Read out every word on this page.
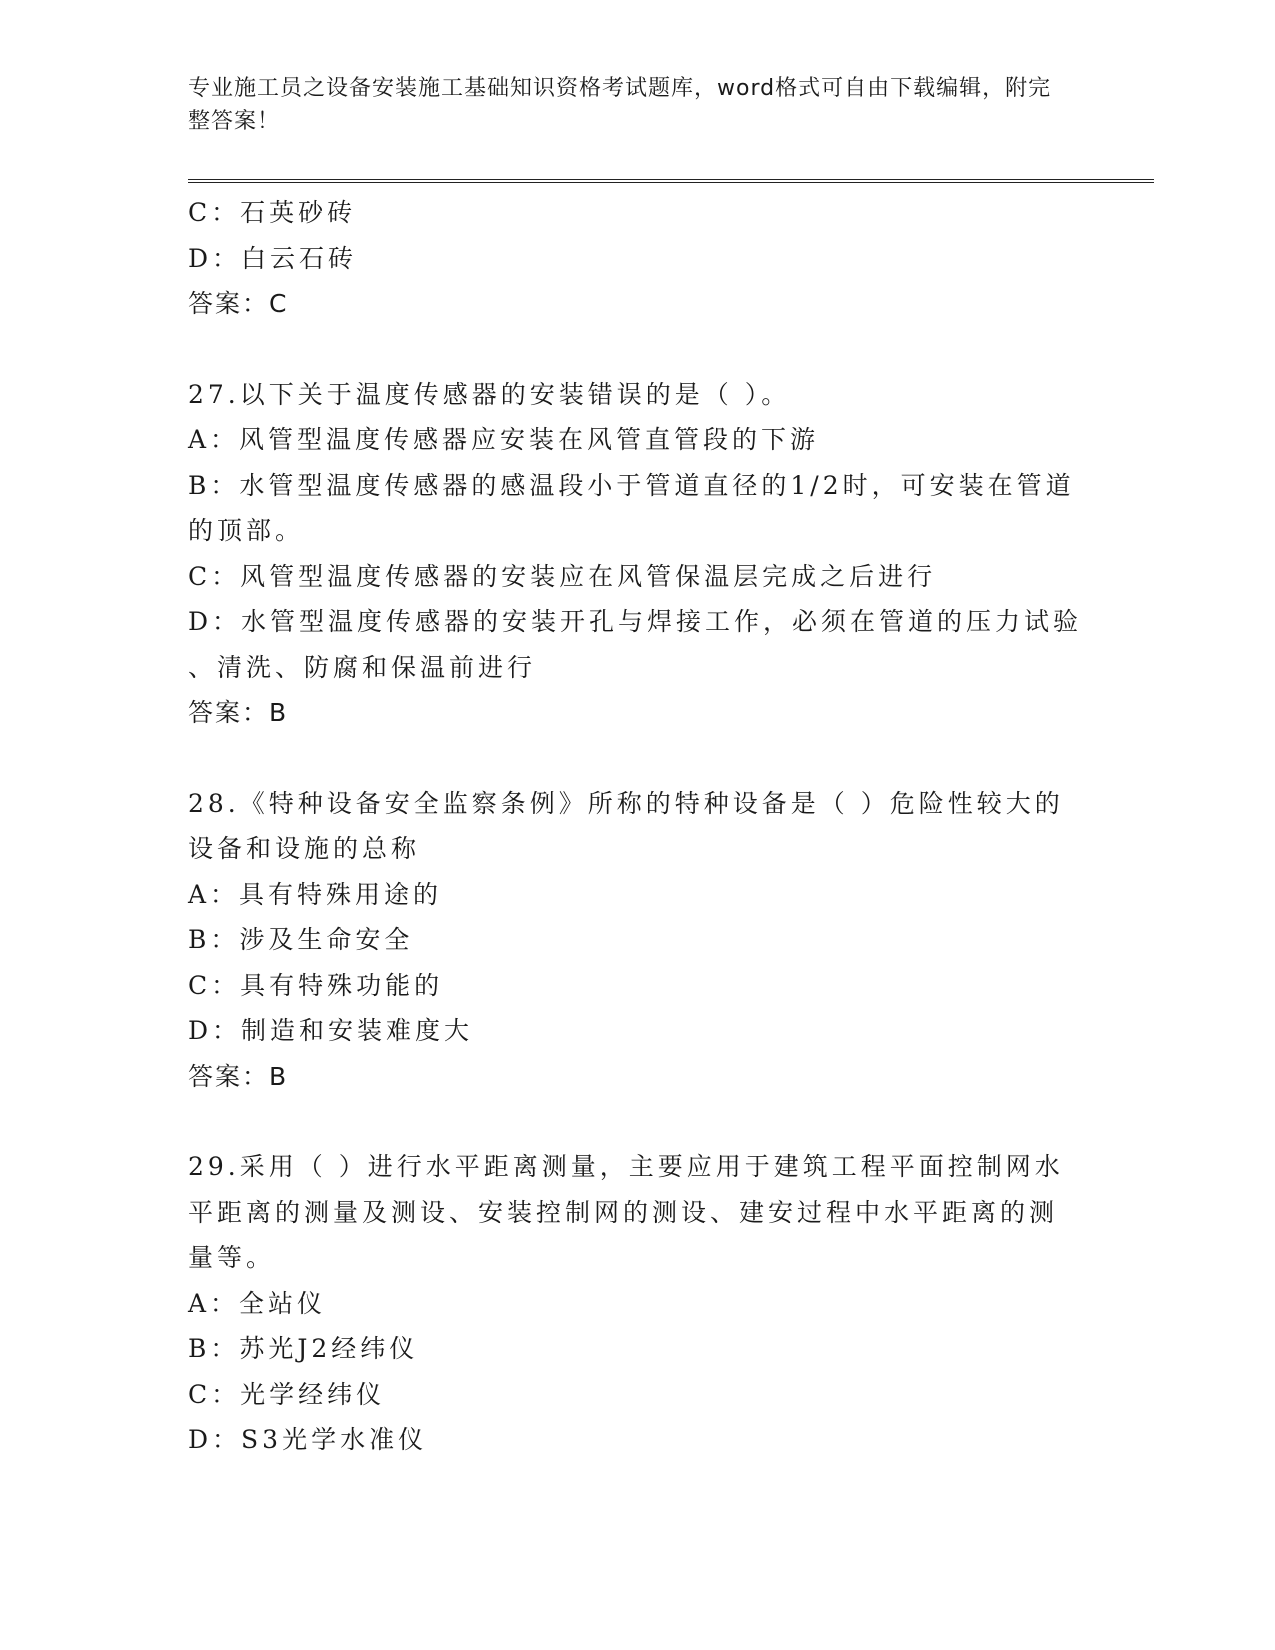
专业施工员之设备安装施工基础知识资格考试题库，word格式可自由下载编辑，附完整答案！
C：石英砂砖
D：白云石砖
答案：C
27.以下关于温度传感器的安装错误的是（ ）。
A：风管型温度传感器应安装在风管直管段的下游
B：水管型温度传感器的感温段小于管道直径的1/2时，可安装在管道
的顶部。
C：风管型温度传感器的安装应在风管保温层完成之后进行
D：水管型温度传感器的安装开孔与焊接工作，必须在管道的压力试验
、清洗、防腐和保温前进行
答案：B
28.《特种设备安全监察条例》所称的特种设备是（ ）危险性较大的
设备和设施的总称
A：具有特殊用途的
B：涉及生命安全
C：具有特殊功能的
D：制造和安装难度大
答案：B
29.采用（ ）进行水平距离测量，主要应用于建筑工程平面控制网水
平距离的测量及测设、安装控制网的测设、建安过程中水平距离的测
量等。
A：全站仪
B：苏光J2经纬仪
C：光学经纬仪
D：S3光学水准仪
